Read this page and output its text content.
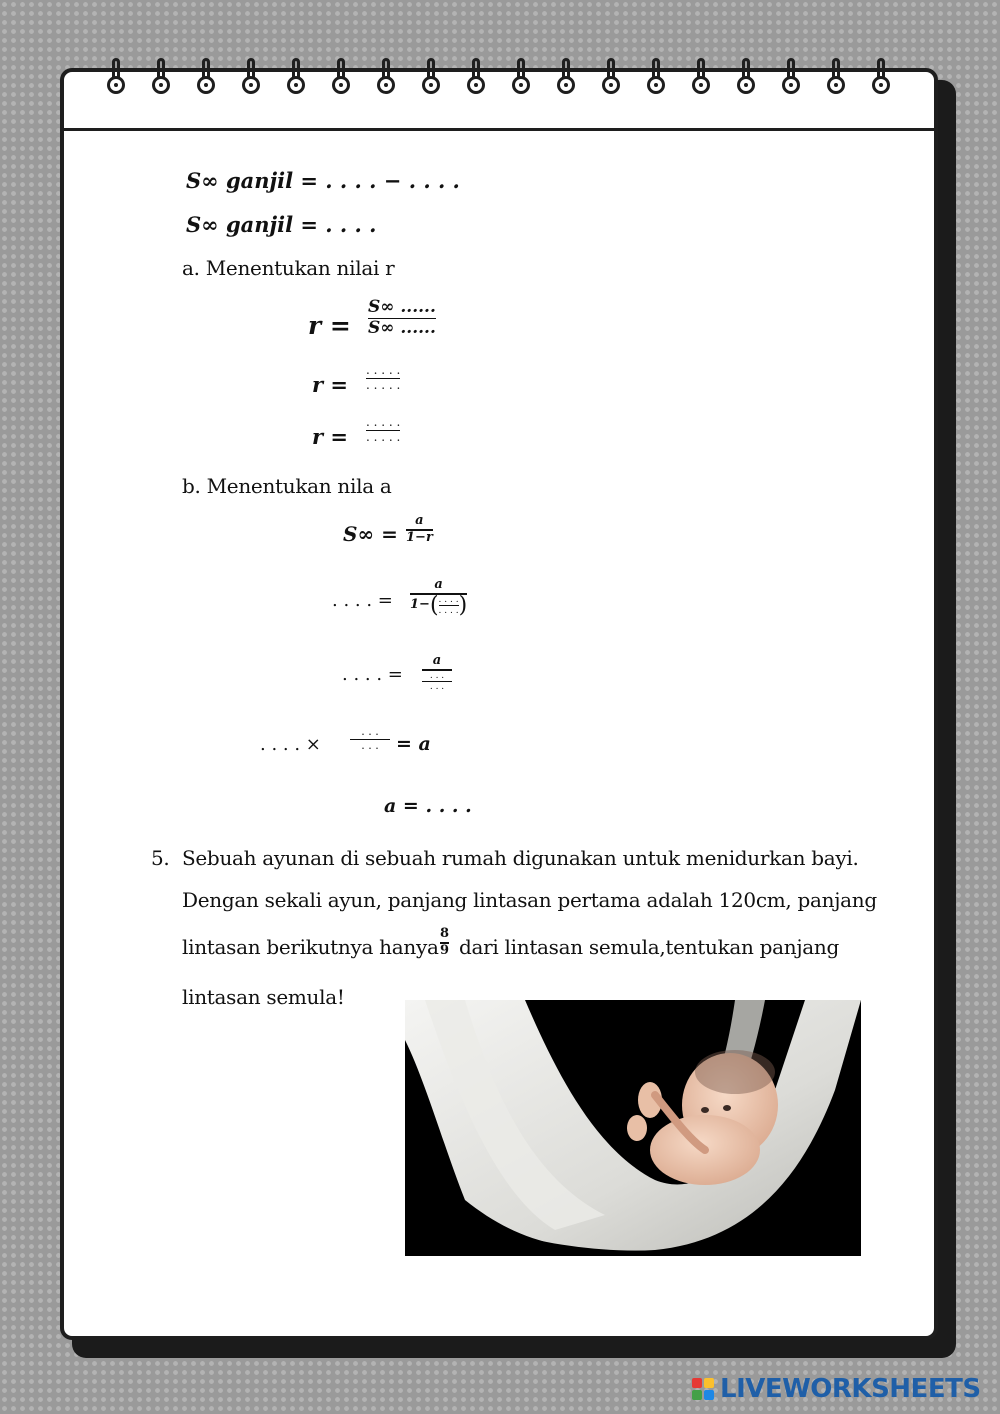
S∞ ganjil = . . . . − . . . .
S∞ ganjil = . . . .
a. Menentukan nilai r
r =
S∞ ......
S∞ ......
r =
. . . . .
. . . . .
r =
. . . . .
. . . . .
b. Menentukan nila a
S∞ =
a
1−r
. . . . =
a
1− ( . . . .
. . . . )
. . . . =
a
. . .
. . .
. . . . ×
. . .
. . . = a
a = . . . .
5. Sebuah ayunan di sebuah rumah digunakan untuk menidurkan bayi.
Dengan sekali ayun, panjang lintasan pertama adalah 120cm, panjang
lintasan berikutnya hanya
8
9 dari lintasan semula,tentukan panjang
lintasan semula!
LIVEWORKSHEETS
